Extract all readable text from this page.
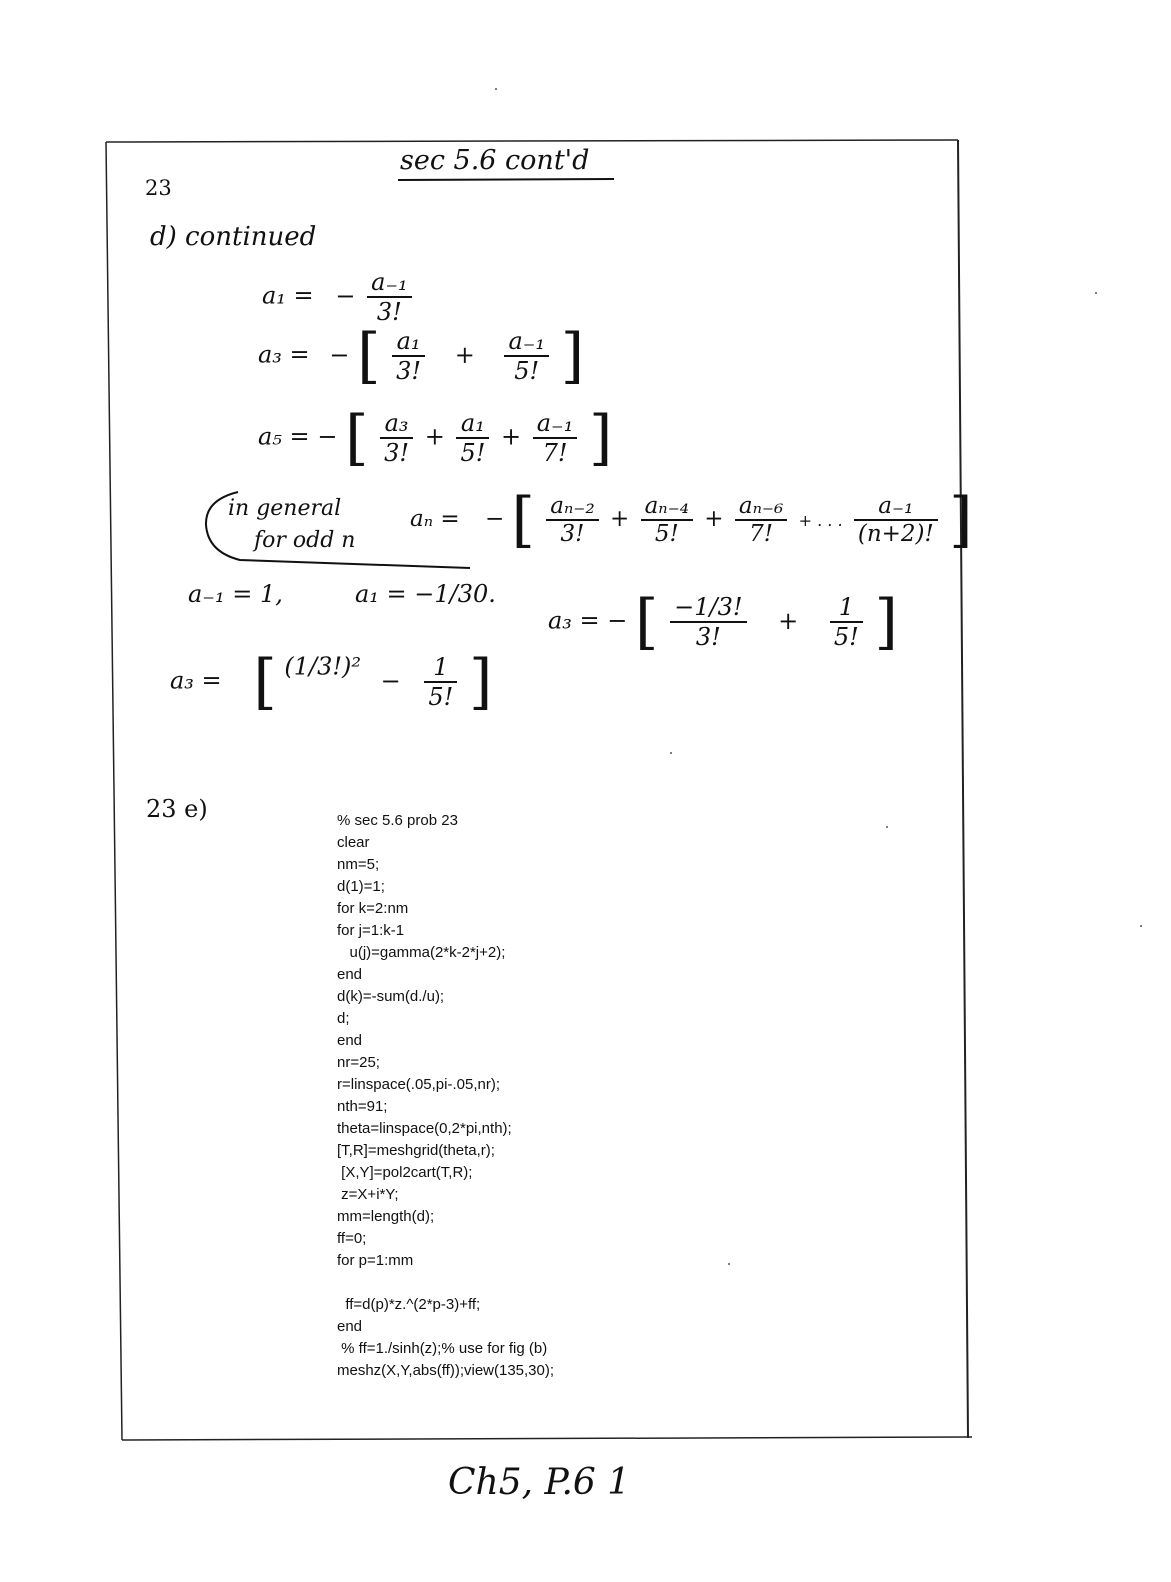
sec 5.6 cont'd
23
d) continued
a₁ = − $\frac{\text{a₋₁}}{3!}$
a₃ = − [ $\frac{\text{a₁}}{3!} + \frac{\text{a₋₁}}{5!}$ ]
a₅ = − [ $\frac{\text{a₃}}{3!} + \frac{\text{a₁}}{5!} + \frac{\text{a₋₁}}{7!}$ ]
in general
for odd n
aₙ = − [ $\frac{\text{aₙ₋₂}}{3!} + \frac{\text{aₙ₋₄}}{5!} + \frac{\text{aₙ₋₆}}{7!}$ + . . . $\frac{\text{a₋₁}}{(n+2)!}$ ]
a₋₁ = 1,	a₁ = −1/30.
a₃ = − [ $\frac{-1/3!}{3!} + \frac{1}{5!}$ ]
a₃ = [ $(1/3!)^2 - \frac{1}{5!}$ ]
23 e)	% sec 5.6 prob 23
clear
nm=5;
d(1)=1;
for k=2:nm
for j=1:k-1
u(j)=gamma(2*k-2*j+2);
end
d(k)=-sum(d./u);
d;
end
nr=25;
r=linspace(.05,pi-.05,nr);
nth=91;
theta=linspace(0,2*pi,nth);
[T,R]=meshgrid(theta,r);
[X,Y]=pol2cart(T,R);
z=X+i*Y;
mm=length(d);
ff=0;
for p=1:mm
ff=d(p)*z.^(2*p-3)+ff;
end
% ff=1./sinh(z);% use for fig (b)
meshz(X,Y,abs(ff));view(135,30);
Ch5, P.6 1
